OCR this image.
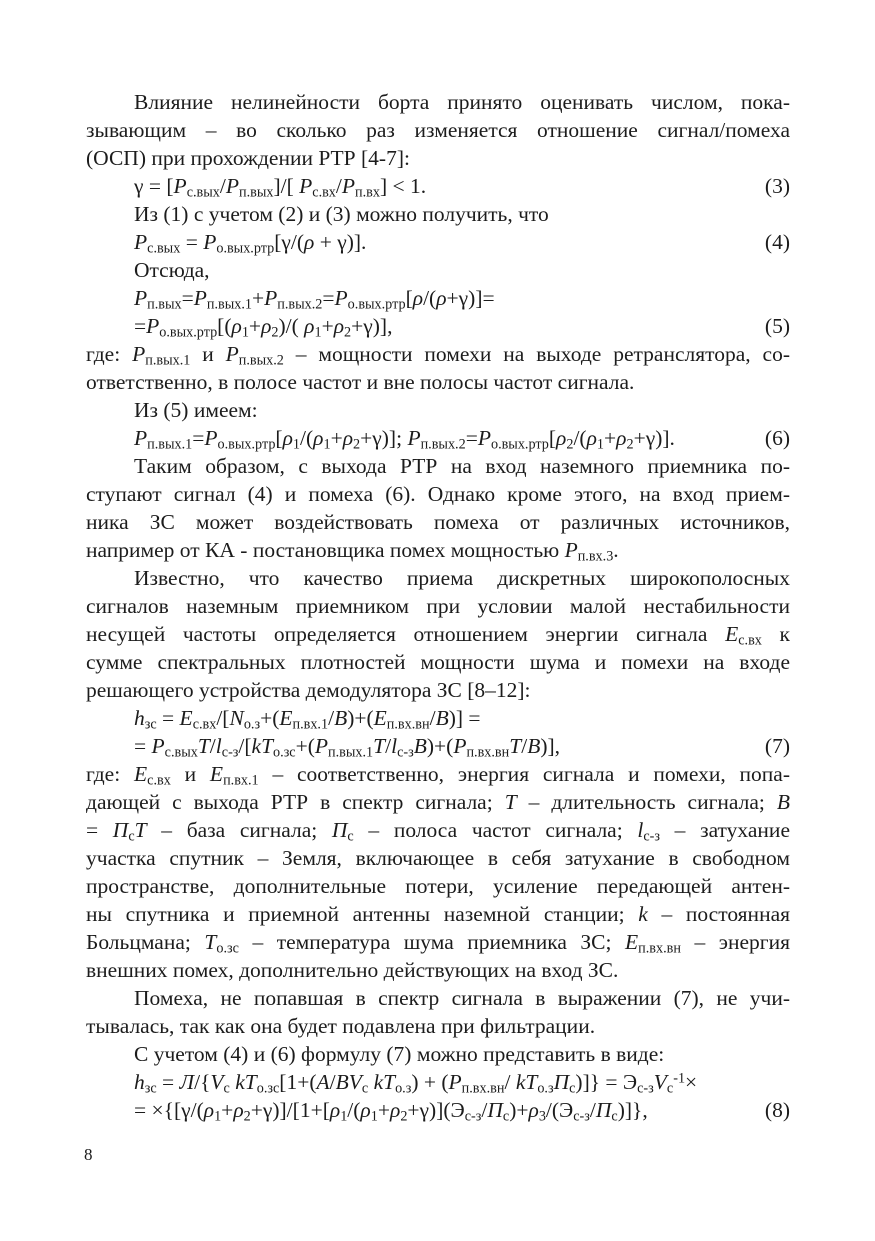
Влияние нелинейности борта принято оценивать числом, пока-
зывающим – во сколько раз изменяется отношение сигнал/помеха
(ОСП) при прохождении РТР [4-7]:
$\gamma = [P_{с.вых}/P_{п.вых}]/$[ $P_{с.вх}/P_{п.вх}] < 1$.	(3)
Из (1) с учетом (2) и (3) можно получить, что
$P_{с.вых} = P_{о.вых.ртр}[\gamma/(\rho + \gamma)]$.	(4)
Отсюда,
$P_{п.вых}=P_{п.вых.1}+P_{п.вых.2}=P_{о.вых.ртр}[\rho/(\rho+\gamma)]=$
$=P_{о.вых.ртр}[(\rho_1+\rho_2)/$( $\rho_1+\rho_2+\gamma$)],	(5)
где: $P_{п.вых.1}$ и $P_{п.вых.2}$ – мощности помехи на выходе ретранслятора, со-
ответственно, в полосе частот и вне полосы частот сигнала.
Из (5) имеем:
$P_{п.вых.1}=P_{о.вых.ртр}[\rho_1/(\rho_1+\rho_2+\gamma)]$; $P_{п.вых.2}=P_{о.вых.ртр}[\rho_2/(\rho_1+\rho_2+\gamma)]$.	(6)
Таким образом, с выхода РТР на вход наземного приемника по-
ступают сигнал (4) и помеха (6). Однако кроме этого, на вход прием-
ника ЗС может воздействовать помеха от различных источников,
например от КА - постановщика помех мощностью $P_{п.вх.3}$.
Известно, что качество приема дискретных широкополосных
сигналов наземным приемником при условии малой нестабильности
несущей частоты определяется отношением энергии сигнала $E_{с.вх}$ к
сумме спектральных плотностей мощности шума и помехи на входе
решающего устройства демодулятора ЗС [8–12]:
$h_{зс} = E_{с.вх}/[N_{о.з}+(E_{п.вх.1}/B)+(E_{п.вх.вн}/B)]$ =
= $P_{с.вых}T/l_{с-з}/[kT_{о.зс}+(P_{п.вых.1}T/l_{с-з}B)+(P_{п.вх.вн}T/B)]$,	(7)
где: $E_{с.вх}$ и $E_{п.вх.1}$ – соответственно, энергия сигнала и помехи, попа-
дающей с выхода РТР в спектр сигнала; T – длительность сигнала; B
= $П_сT$ – база сигнала; $П_с$ – полоса частот сигнала; $l_{с-з}$ – затухание
участка спутник – Земля, включающее в себя затухание в свободном
пространстве, дополнительные потери, усиление передающей антен-
ны спутника и приемной антенны наземной станции; k – постоянная
Больцмана; $T_{о.зс}$ – температура шума приемника ЗС; $E_{п.вх.вн}$ – энергия
внешних помех, дополнительно действующих на вход ЗС.
Помеха, не попавшая в спектр сигнала в выражении (7), не учи-
тывалась, так как она будет подавлена при фильтрации.
С учетом (4) и (6) формулу (7) можно представить в виде:
$h_{зс} = Л/\{V_с$ $kT_{о.зс}[1+(A/BV_с$ $kT_{о.з}) + (P_{п.вх.вн}/$ $kT_{о.з}П_с)]\} = Э_{с-з}V_с^{-1}\times$
= $\times\{[\gamma/(\rho_1+\rho_2+\gamma)]/[1+[\rho_1/(\rho_1+\rho_2+\gamma)](Э_{с-з}/П_с)+\rho_3/(Э_{с-з}/П_с)]\}$,	(8)
8
